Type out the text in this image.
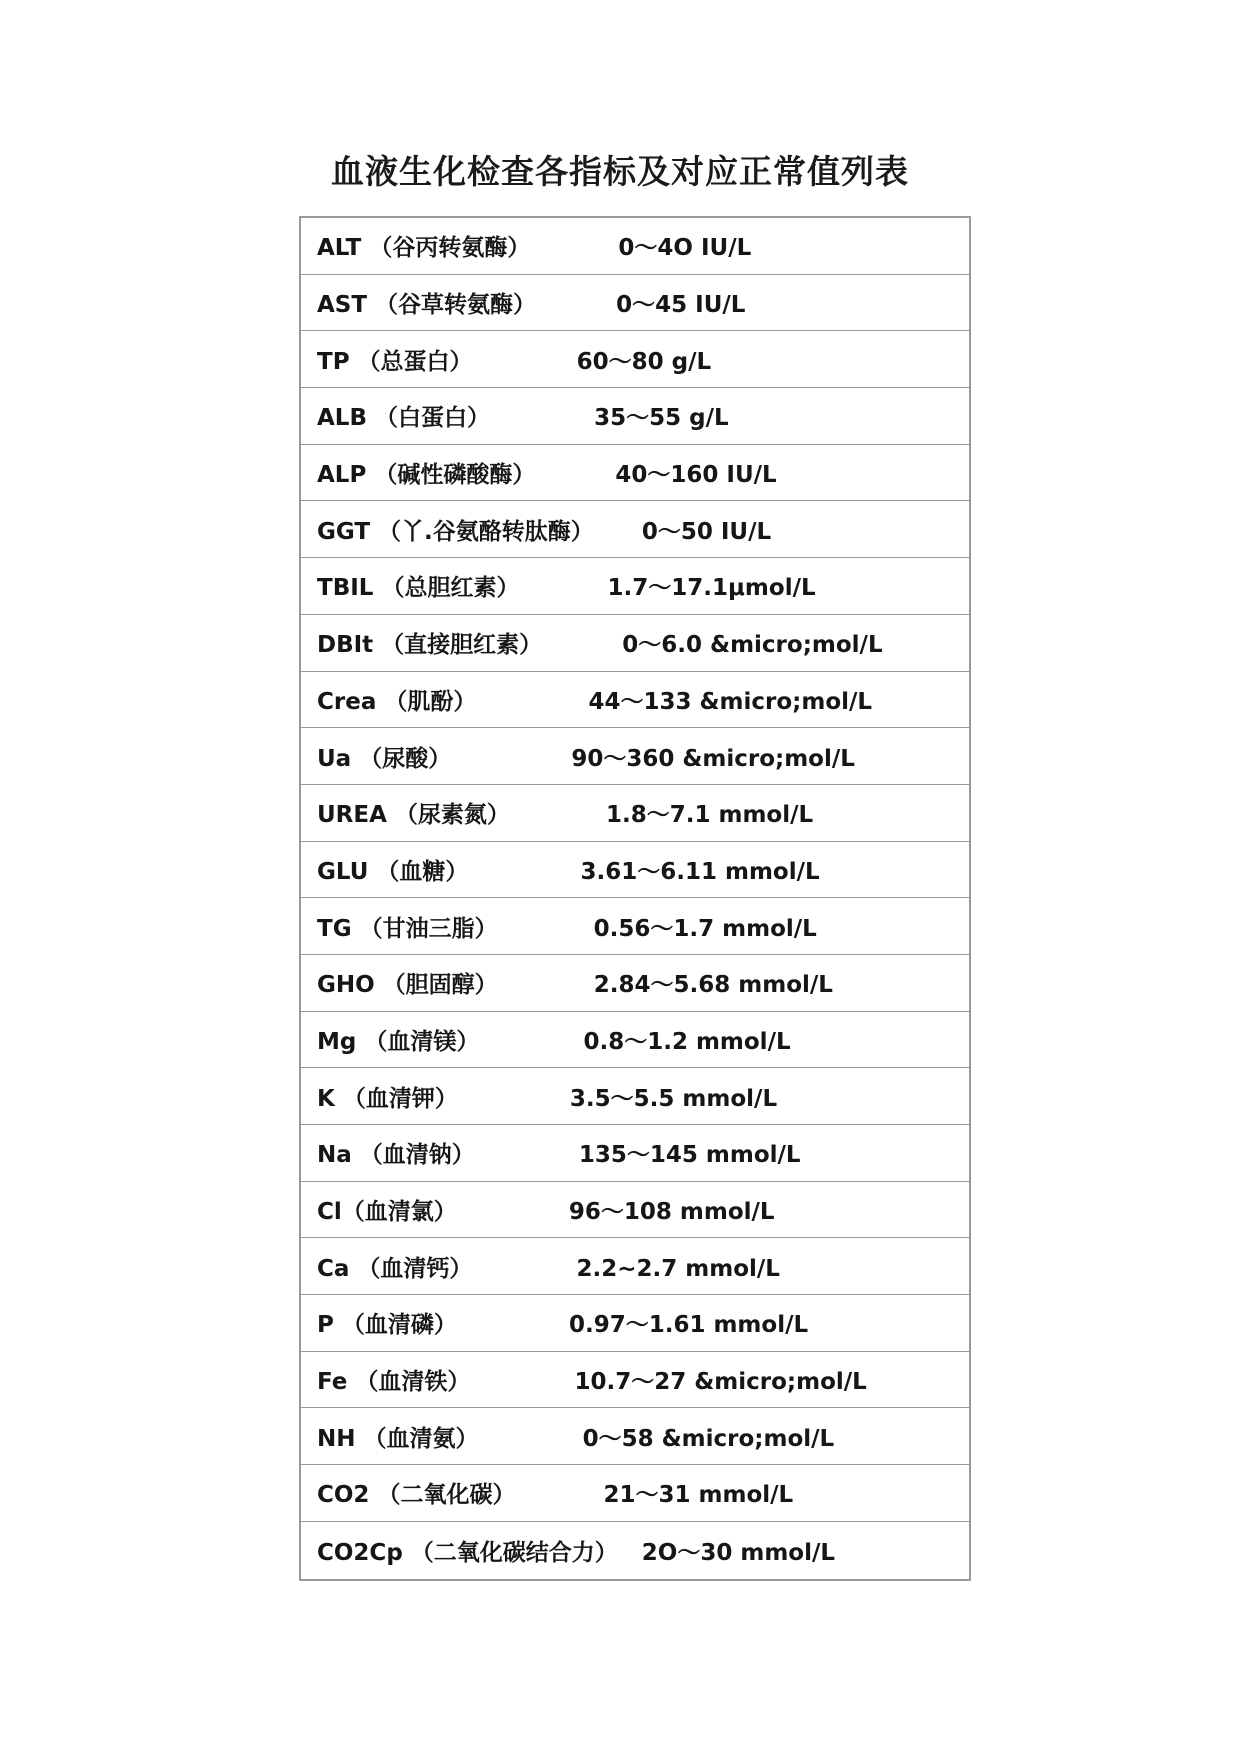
血液生化检查各指标及对应正常值列表
ALT （谷丙转氨酶）           0～4O IU/L
AST （谷草转氨酶）          0～45 IU/L
TP （总蛋白）             60～80 g/L
ALB （白蛋白）             35～55 g/L
ALP （碱性磷酸酶）          40～160 IU/L
GGT （丫.谷氨酪转肽酶）      0～50 IU/L
TBIL （总胆红素）           1.7～17.1μmol/L
DBIt （直接胆红素）          0～6.0 &micro;mol/L
Crea （肌酚）              44～133 &micro;mol/L
Ua （尿酸）               90～360 &micro;mol/L
UREA （尿素氮）            1.8～7.1 mmol/L
GLU （血糖）              3.61～6.11 mmol/L
TG （甘油三脂）            0.56～1.7 mmol/L
GHO （胆固醇）            2.84～5.68 mmol/L
Mg （血清镁）             0.8～1.2 mmol/L
K （血清钾）              3.5～5.5 mmol/L
Na （血清钠）             135～145 mmol/L
Cl（血清氯）              96～108 mmol/L
Ca （血清钙）             2.2~2.7 mmol/L
P （血清磷）              0.97～1.61 mmol/L
Fe （血清铁）             10.7～27 &micro;mol/L
NH （血清氨）             0～58 &micro;mol/L
CO2 （二氧化碳）           21～31 mmol/L
CO2Cp （二氧化碳结合力）   2O～30 mmol/L
